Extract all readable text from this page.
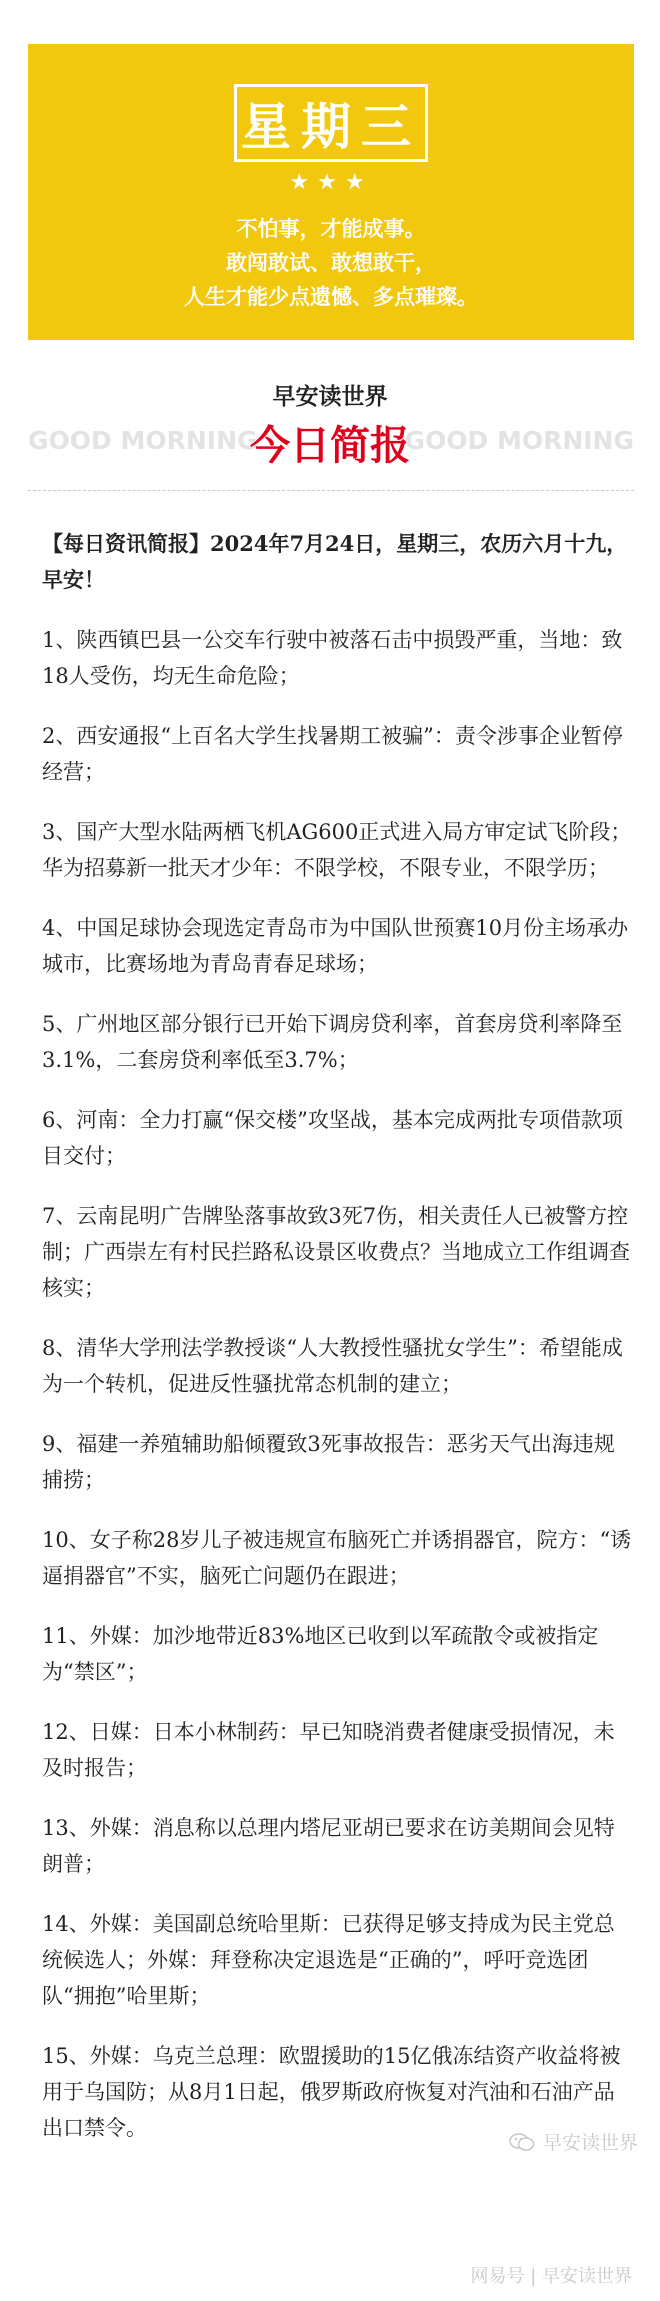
星期三
★★★
不怕事，才能成事。
敢闯敢试、敢想敢干，
人生才能少点遗憾、多点璀璨。
早安读世界
GOOD MORNING
今日简报
GOOD MORNING

【每日资讯简报】2024年7月24日，星期三，农历六月十九，早安！

1、陕西镇巴县一公交车行驶中被落石击中损毁严重，当地：致18人受伤，均无生命危险；

2、西安通报“上百名大学生找暑期工被骗”：责令涉事企业暂停经营；

3、国产大型水陆两栖飞机AG600正式进入局方审定试飞阶段；华为招募新一批天才少年：不限学校，不限专业，不限学历；

4、中国足球协会现选定青岛市为中国队世预赛10月份主场承办城市，比赛场地为青岛青春足球场；

5、广州地区部分银行已开始下调房贷利率，首套房贷利率降至3.1%，二套房贷利率低至3.7%；

6、河南：全力打赢“保交楼”攻坚战，基本完成两批专项借款项目交付；

7、云南昆明广告牌坠落事故致3死7伤，相关责任人已被警方控制；广西崇左有村民拦路私设景区收费点？当地成立工作组调查核实；

8、清华大学刑法学教授谈“人大教授性骚扰女学生”：希望能成为一个转机，促进反性骚扰常态机制的建立；

9、福建一养殖辅助船倾覆致3死事故报告：恶劣天气出海违规捕捞；

10、女子称28岁儿子被违规宣布脑死亡并诱捐器官，院方：“诱逼捐器官”不实，脑死亡问题仍在跟进；

11、外媒：加沙地带近83%地区已收到以军疏散令或被指定为“禁区”；

12、日媒：日本小林制药：早已知晓消费者健康受损情况，未及时报告；

13、外媒：消息称以总理内塔尼亚胡已要求在访美期间会见特朗普；

14、外媒：美国副总统哈里斯：已获得足够支持成为民主党总统候选人；外媒：拜登称决定退选是“正确的”，呼吁竞选团队“拥抱”哈里斯；

15、外媒：乌克兰总理：欧盟援助的15亿俄冻结资产收益将被用于乌国防；从8月1日起，俄罗斯政府恢复对汽油和石油产品出口禁令。

早安读世界
网易号 | 早安读世界
